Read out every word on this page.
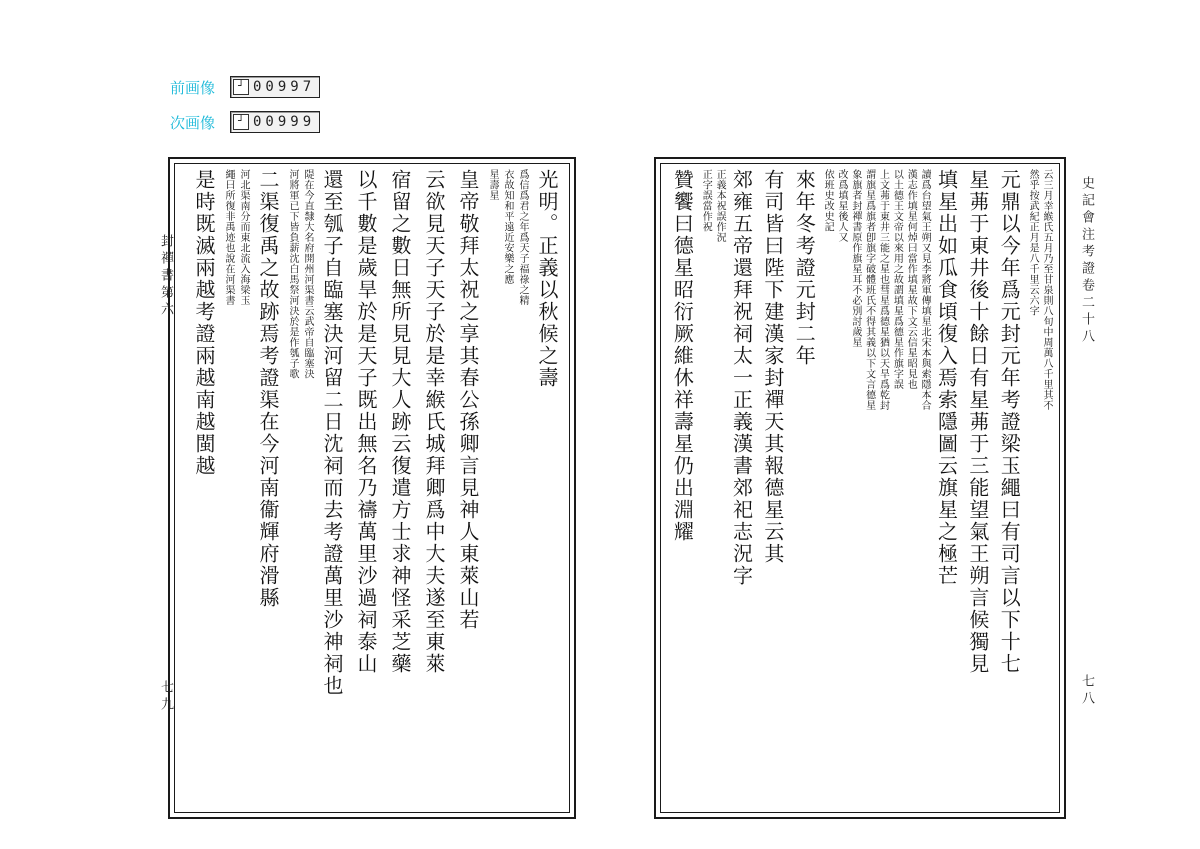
前画像	┘ 00997
次画像	┘ 00999
光明。正義以秋候之壽
爲信爲君之年爲天子福祿之精
衣故知和平遠近安樂之應
星壽星
皇帝敬拜太祝之享其春公孫卿言見神人東萊山若
云欲見天子天子於是幸緱氏城拜卿爲中大夫遂至東萊
宿留之數日無所見見大人跡云復遣方士求神怪采芝藥
以千數是歲旱於是天子既出無名乃禱萬里沙過祠泰山
還至瓠子自臨塞決河留二日沈祠而去考證萬里沙神祠也
隄在今直隸大名府開州河渠書云武帝自臨塞決
河將軍已下皆負薪沈白馬祭河決於是作瓠子歌
二渠復禹之故跡焉考證渠在今河南衞輝府滑縣
河北渠南分而東北流入海梁玉
繩曰所復非禹迹也說在河渠書
是時既滅兩越考證兩越南越閩越
封禪書第六
七九
云三月幸緱氏五月乃至甘泉則八旬中周萬八千里其不
然乎按武紀正月是八千里云六字
元鼎以今年爲元封元年考證梁玉繩曰有司言以下十七
星茀于東井後十餘日有星茀于三能望氣王朔言候獨見
填星出如瓜食頃復入焉索隱圖云旗星之極芒
讀爲台望氣王朔又見李將軍傳填星北宋本與索隱本合
漢志作填星何焯曰當作填星故下文云信星昭見也
以土德王文帝以來用之故謂填星爲德星作旗字誤
上文茀于東井三能之星也彗星爲德星猶以天旱爲乾封
謂旗星爲旗者卽旗字破體班氏不得其義以下文言德星
象旗者封禪書原作旗星耳不必別討歲星
改爲填星後人又
依班史改史記
來年冬考證元封二年
有司皆曰陛下建漢家封禪天其報德星云其
郊雍五帝還拜祝祠太一正義漢書郊祀志況字
正義本祝誤作況
正字誤當作祝
贊饗曰德星昭衍厥維休祥壽星仍出淵耀	史記會注考證卷二十八
七八
